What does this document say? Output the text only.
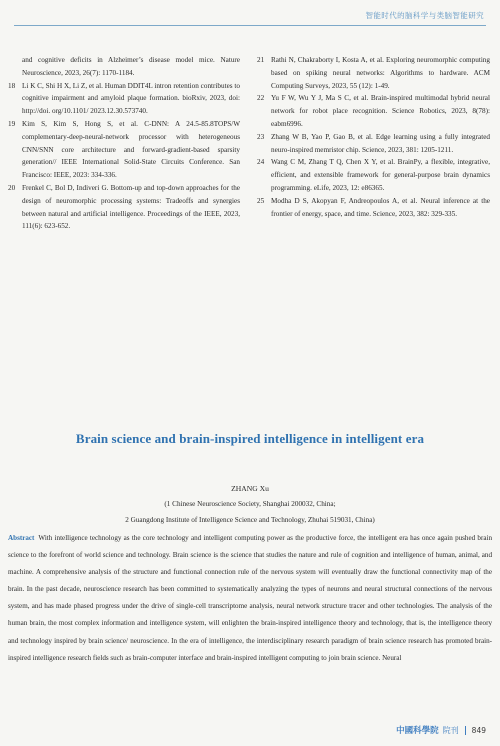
智能时代的脑科学与类脑智能研究
and cognitive deficits in Alzheimer’s disease model mice. Nature Neuroscience, 2023, 26(7): 1170-1184.
18 Li K C, Shi H X, Li Z, et al. Human DDIT4L intron retention contributes to cognitive impairment and amyloid plaque formation. bioRxiv, 2023, doi: http://doi. org/10.1101/ 2023.12.30.573740.
19 Kim S, Kim S, Hong S, et al. C-DNN: A 24.5-85.8TOPS/W complementary-deep-neural-network processor with heterogeneous CNN/SNN core architecture and forward-gradient-based sparsity generation// IEEE International Solid-State Circuits Conference. San Francisco: IEEE, 2023: 334-336.
20 Frenkel C, Bol D, Indiveri G. Bottom-up and top-down approaches for the design of neuromorphic processing systems: Tradeoffs and synergies between natural and artificial intelligence. Proceedings of the IEEE, 2023, 111(6): 623-652.
21 Rathi N, Chakraborty I, Kosta A, et al. Exploring neuromorphic computing based on spiking neural networks: Algorithms to hardware. ACM Computing Surveys, 2023, 55 (12): 1-49.
22 Yu F W, Wu Y J, Ma S C, et al. Brain-inspired multimodal hybrid neural network for robot place recognition. Science Robotics, 2023, 8(78): eabm6996.
23 Zhang W B, Yao P, Gao B, et al. Edge learning using a fully integrated neuro-inspired memristor chip. Science, 2023, 381: 1205-1211.
24 Wang C M, Zhang T Q, Chen X Y, et al. BrainPy, a flexible, integrative, efficient, and extensible framework for general-purpose brain dynamics programming. eLife, 2023, 12: e86365.
25 Modha D S, Akopyan F, Andreopoulos A, et al. Neural inference at the frontier of energy, space, and time. Science, 2023, 382: 329-335.
Brain science and brain-inspired intelligence in intelligent era
ZHANG Xu
(1 Chinese Neuroscience Society, Shanghai 200032, China;
2 Guangdong Institute of Intelligence Science and Technology, Zhuhai 519031, China)
Abstract With intelligence technology as the core technology and intelligent computing power as the productive force, the intelligent era has once again pushed brain science to the forefront of world science and technology. Brain science is the science that studies the nature and rule of cognition and intelligence of human, animal, and machine. A comprehensive analysis of the structure and functional connection rule of the nervous system will eventually draw the functional connectivity map of the brain. In the past decade, neuroscience research has been committed to systematically analyzing the types of neurons and neural structural connections of the nervous system, and has made phased progress under the drive of single-cell transcriptome analysis, neural network structure tracer and other technologies. The analysis of the human brain, the most complex information and intelligence system, will enlighten the brain-inspired intelligence theory and technology, that is, the intelligence theory and technology inspired by brain science/ neuroscience. In the era of intelligence, the interdisciplinary research paradigm of brain science research has promoted brain-inspired intelligence research fields such as brain-computer interface and brain-inspired intelligent computing to join brain science. Neural
中國科學院 院刊 849
